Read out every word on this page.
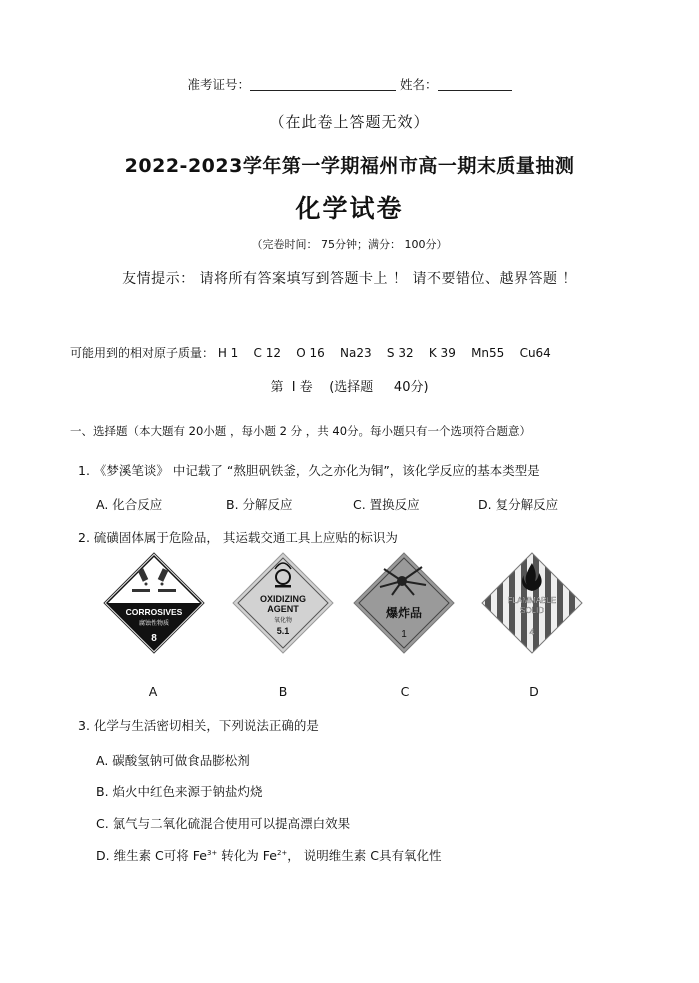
准考证号：	姓名：
（在此卷上答题无效）
2022-2023学年第一学期福州市高一期末质量抽测
化学试卷
（完卷时间： 75分钟；满分： 100分）
友情提示： 请将所有答案填写到答题卡上 ！ 请不要错位、越界答题 ！
可能用到的相对原子质量： H 1    C 12    O 16    Na23    S 32    K 39    Mn55    Cu64
第  Ⅰ 卷    (选择题     40分)
一、选择题（本大题有 20小题 ，每小题 2 分 ，共 40分。每小题只有一个选项符合题意）
1. 《梦溪笔谈》 中记载了 “熬胆矾铁釜，久之亦化为铜”，该化学反应的基本类型是
A. 化合反应	B. 分解反应	C. 置换反应	D. 复分解反应
2. 硫磺固体属于危险品， 其运载交通工具上应贴的标识为
CORROSIVES
腐蚀性物质
8
OXIDIZING
AGENT
氧化物
5.1
爆炸品
1
FLAMMABLE
SOLID
4
A	B	C	D
3. 化学与生活密切相关，下列说法正确的是
A. 碳酸氢钠可做食品膨松剂
B. 焰火中红色来源于钠盐灼烧
C. 氯气与二氧化硫混合使用可以提高漂白效果
D. 维生素 C可将 $Fe^{3+}$ 转化为 $Fe^{2+}$， 说明维生素 C具有氧化性
